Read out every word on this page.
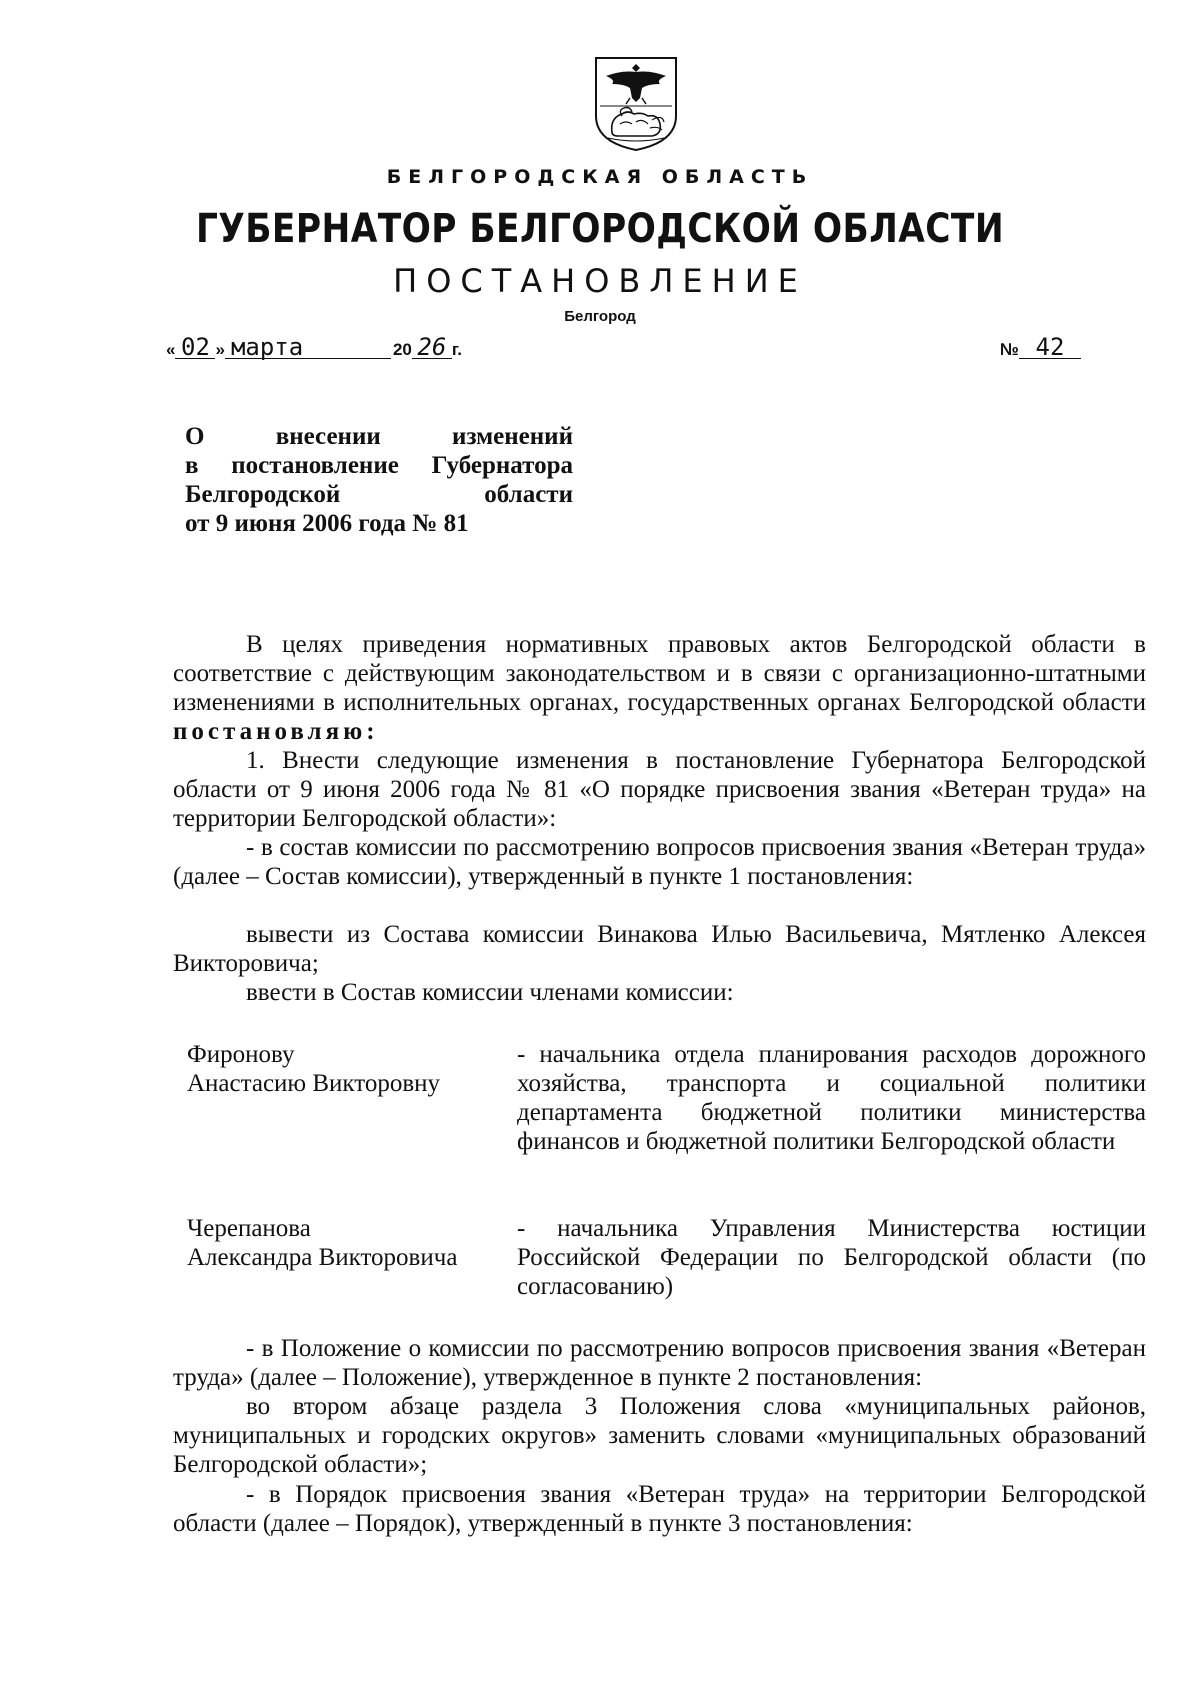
БЕЛГОРОДСКАЯ ОБЛАСТЬ
ГУБЕРНАТОР БЕЛГОРОДСКОЙ ОБЛАСТИ
ПОСТАНОВЛЕНИЕ
Белгород
« 02 » марта	20 26 г.	№ 42
О внесении изменений
в постановление Губернатора
Белгородской области
от 9 июня 2006 года № 81
В целях приведения нормативных правовых актов Белгородской области в соответствие с действующим законодательством и в связи с организационно-штатными изменениями в исполнительных органах, государственных органах Белгородской области постановляю:
1. Внести следующие изменения в постановление Губернатора Белгородской области от 9 июня 2006 года № 81 «О порядке присвоения звания «Ветеран труда» на территории Белгородской области»:
- в состав комиссии по рассмотрению вопросов присвоения звания «Ветеран труда» (далее – Состав комиссии), утвержденный в пункте 1 постановления:
вывести из Состава комиссии Винакова Илью Васильевича, Мятленко Алексея Викторовича;
ввести в Состав комиссии членами комиссии:
Фиронову
Анастасию Викторовну
- начальника отдела планирования расходов дорожного хозяйства, транспорта и социальной политики департамента бюджетной политики министерства финансов и бюджетной политики Белгородской области
Черепанова
Александра Викторовича
- начальника Управления Министерства юстиции Российской Федерации по Белгородской области (по согласованию)
- в Положение о комиссии по рассмотрению вопросов присвоения звания «Ветеран труда» (далее – Положение), утвержденное в пункте 2 постановления:
во втором абзаце раздела 3 Положения слова «муниципальных районов, муниципальных и городских округов» заменить словами «муниципальных образований Белгородской области»;
- в Порядок присвоения звания «Ветеран труда» на территории Белгородской области (далее – Порядок), утвержденный в пункте 3 постановления:
